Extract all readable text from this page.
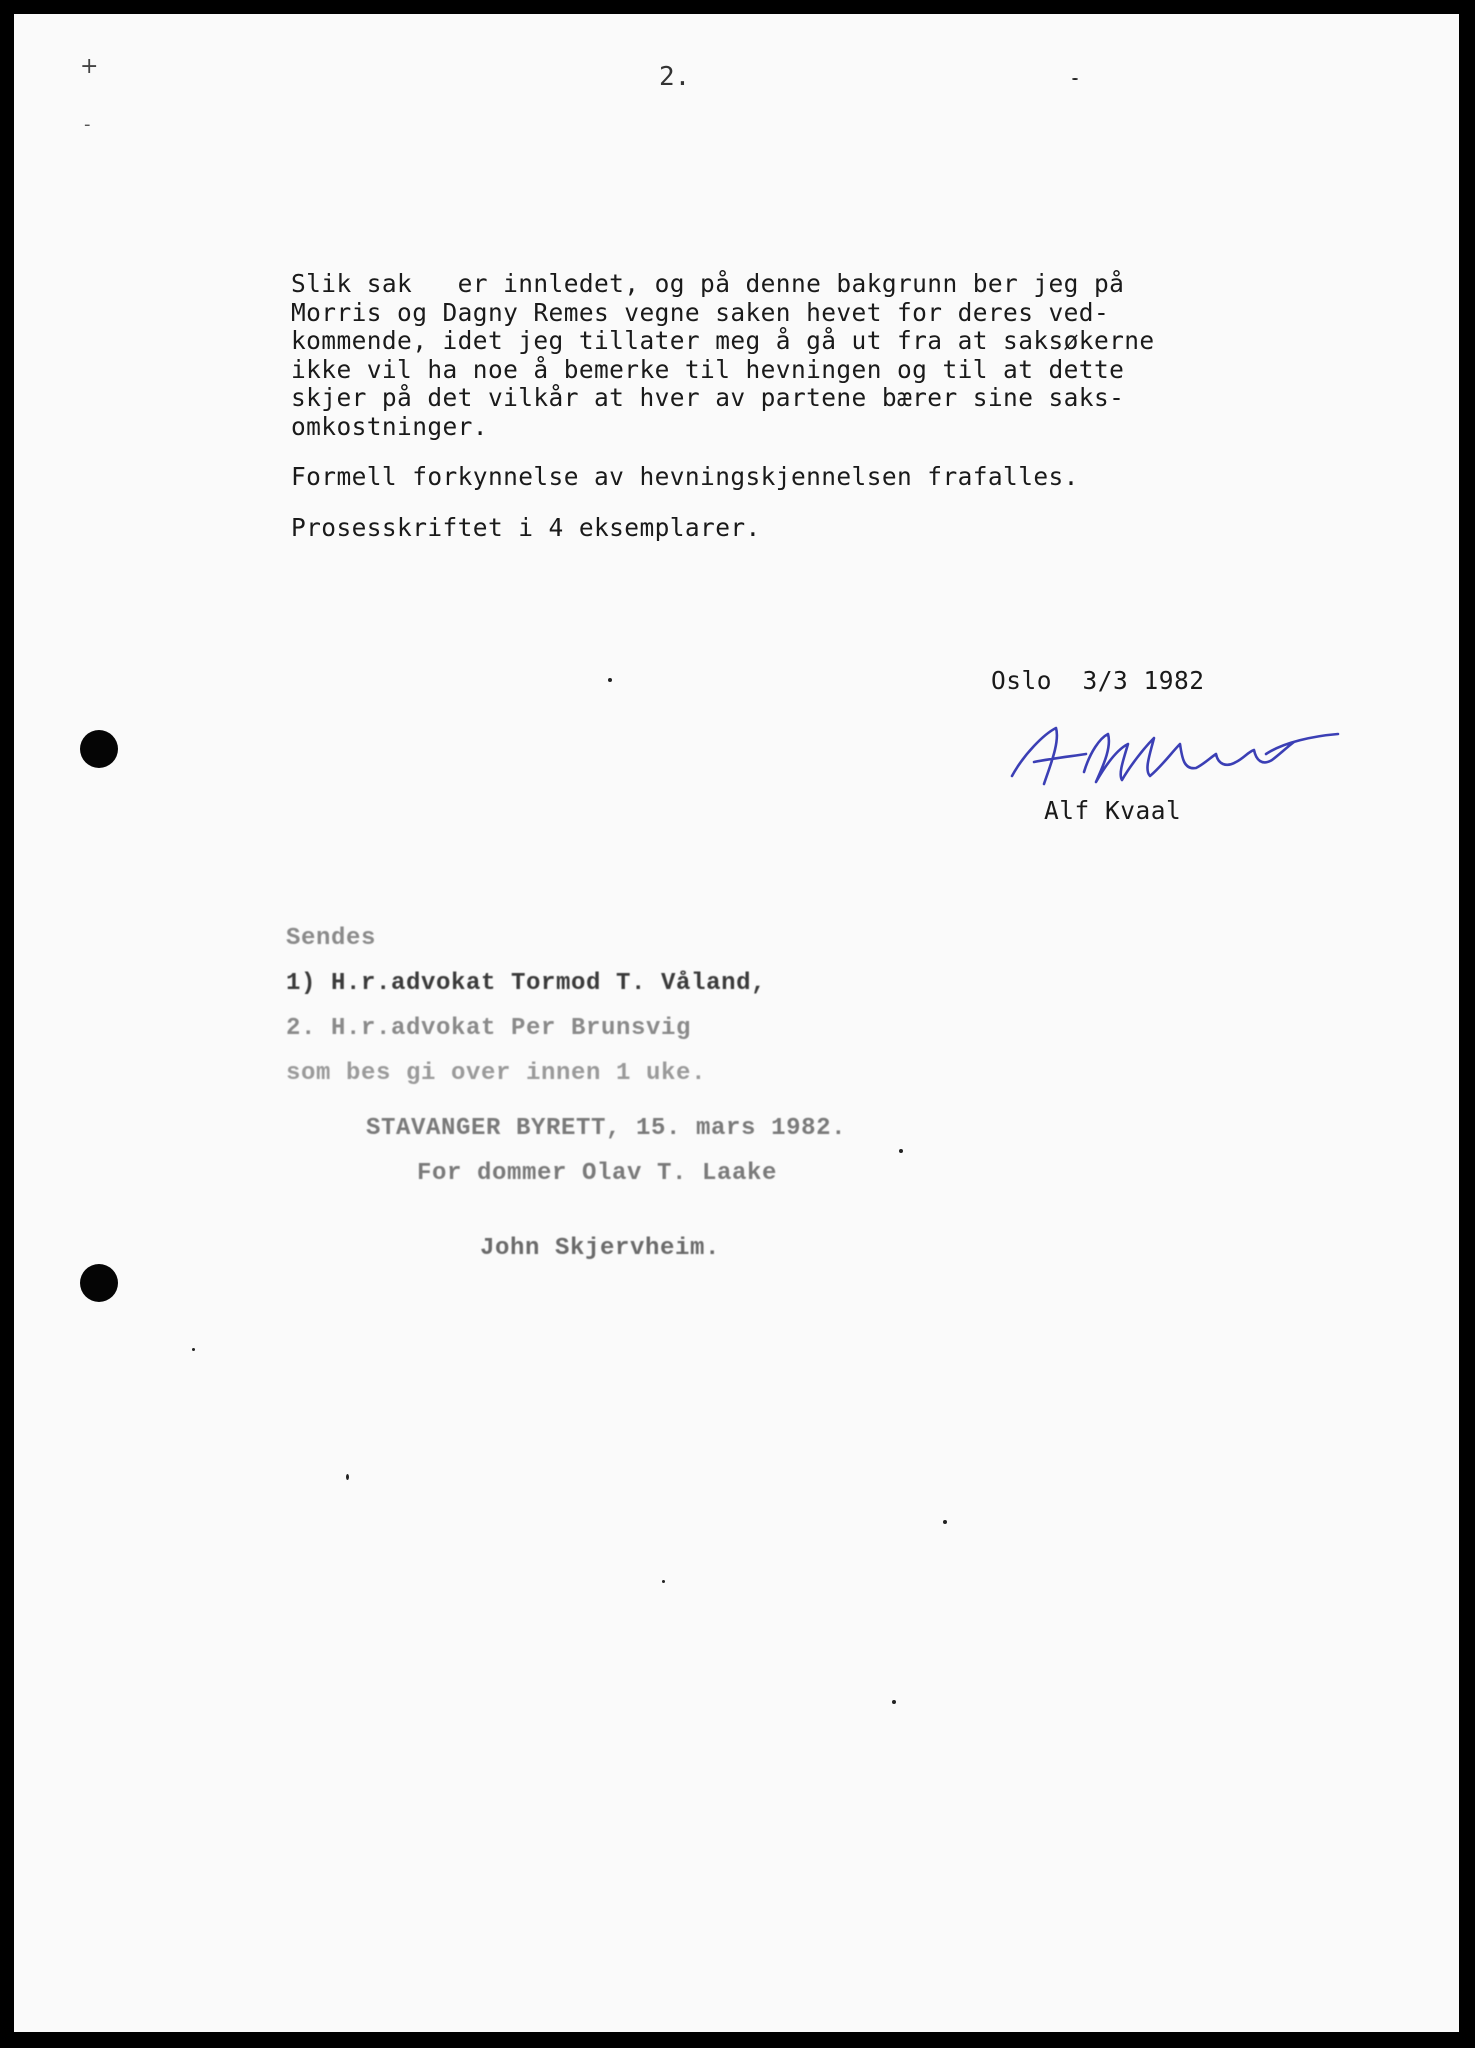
+
-
2.
Slik sak   er innledet, og på denne bakgrunn ber jeg på
Morris og Dagny Remes vegne saken hevet for deres ved-
kommende, idet jeg tillater meg å gå ut fra at saksøkerne
ikke vil ha noe å bemerke til hevningen og til at dette
skjer på det vilkår at hver av partene bærer sine saks-
omkostninger.
Formell forkynnelse av hevningskjennelsen frafalles.
Prosesskriftet i 4 eksemplarer.
Oslo  3/3 1982
Alf Kvaal
Sendes
1) H.r.advokat Tormod T. Våland,
2. H.r.advokat Per Brunsvig
som bes gi over innen 1 uke.
STAVANGER BYRETT, 15. mars 1982.
For dommer Olav T. Laake
John Skjervheim.
